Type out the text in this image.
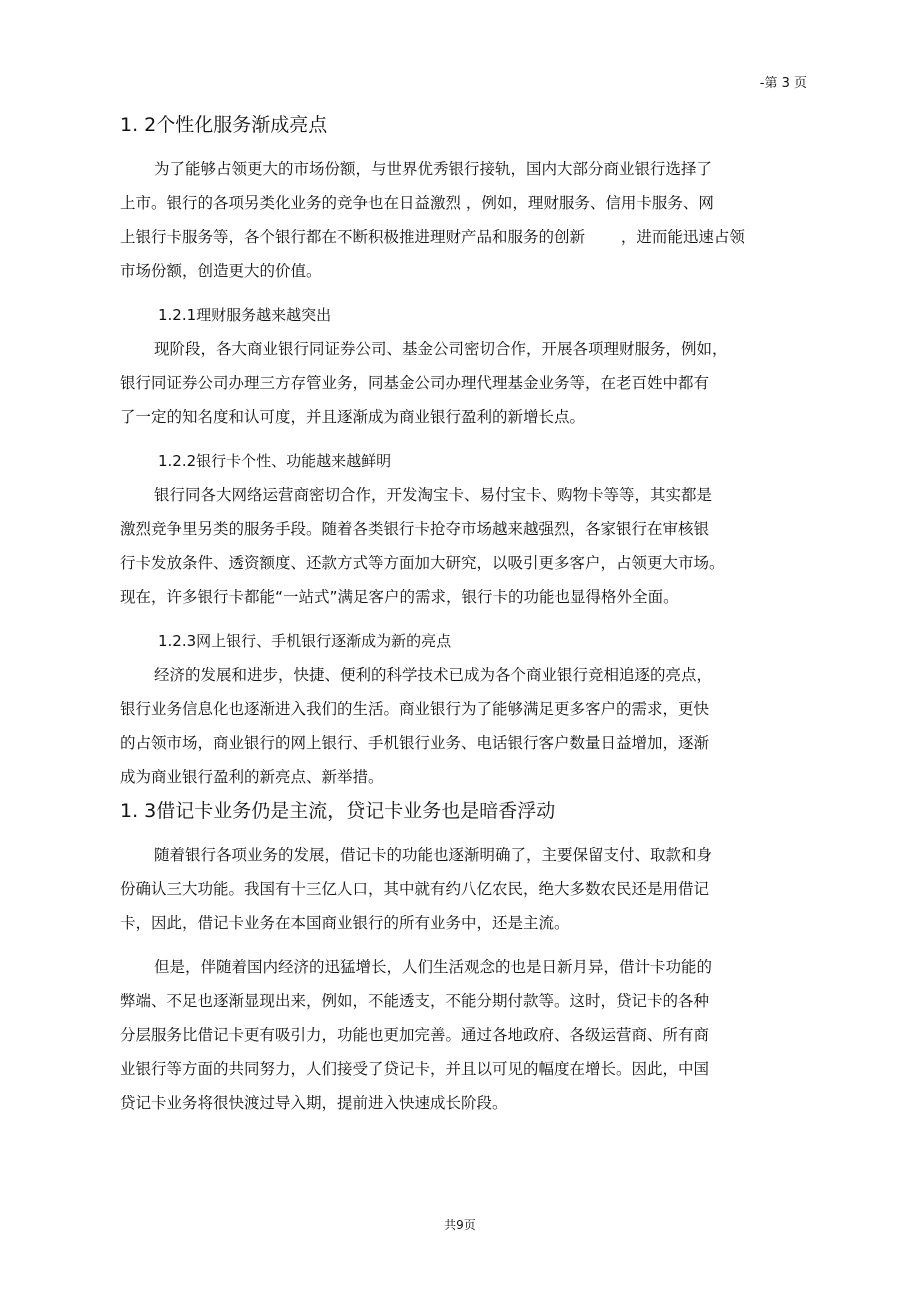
-第 3 页
1. 2个性化服务渐成亮点
为了能够占领更大的市场份额，与世界优秀银行接轨，国内大部分商业银行选择了
上市。银行的各项另类化业务的竞争也在日益激烈 ，例如，理财服务、信用卡服务、网
上银行卡服务等，各个银行都在不断积极推进理财产品和服务的创新　　 ，进而能迅速占领
市场份额，创造更大的价值。
1.2.1理财服务越来越突出
现阶段，各大商业银行同证券公司、基金公司密切合作，开展各项理财服务，例如，
银行同证券公司办理三方存管业务，同基金公司办理代理基金业务等，在老百姓中都有
了一定的知名度和认可度，并且逐渐成为商业银行盈利的新增长点。
1.2.2银行卡个性、功能越来越鲜明
银行同各大网络运营商密切合作，开发淘宝卡、易付宝卡、购物卡等等，其实都是
激烈竞争里另类的服务手段。随着各类银行卡抢夺市场越来越强烈，各家银行在审核银
行卡发放条件、透资额度、还款方式等方面加大研究，以吸引更多客户，占领更大市场。
现在，许多银行卡都能“一站式”满足客户的需求，银行卡的功能也显得格外全面。
1.2.3网上银行、手机银行逐渐成为新的亮点
经济的发展和进步，快捷、便利的科学技术已成为各个商业银行竞相追逐的亮点，
银行业务信息化也逐渐进入我们的生活。商业银行为了能够满足更多客户的需求，更快
的占领市场，商业银行的网上银行、手机银行业务、电话银行客户数量日益增加，逐渐
成为商业银行盈利的新亮点、新举措。
1. 3借记卡业务仍是主流，贷记卡业务也是暗香浮动
随着银行各项业务的发展，借记卡的功能也逐渐明确了，主要保留支付、取款和身
份确认三大功能。我国有十三亿人口，其中就有约八亿农民，绝大多数农民还是用借记
卡，因此，借记卡业务在本国商业银行的所有业务中，还是主流。
但是，伴随着国内经济的迅猛增长，人们生活观念的也是日新月异，借计卡功能的
弊端、不足也逐渐显现出来，例如，不能透支，不能分期付款等。这时，贷记卡的各种
分层服务比借记卡更有吸引力，功能也更加完善。通过各地政府、各级运营商、所有商
业银行等方面的共同努力，人们接受了贷记卡，并且以可见的幅度在增长。因此，中国
贷记卡业务将很快渡过导入期，提前进入快速成长阶段。
共9页
